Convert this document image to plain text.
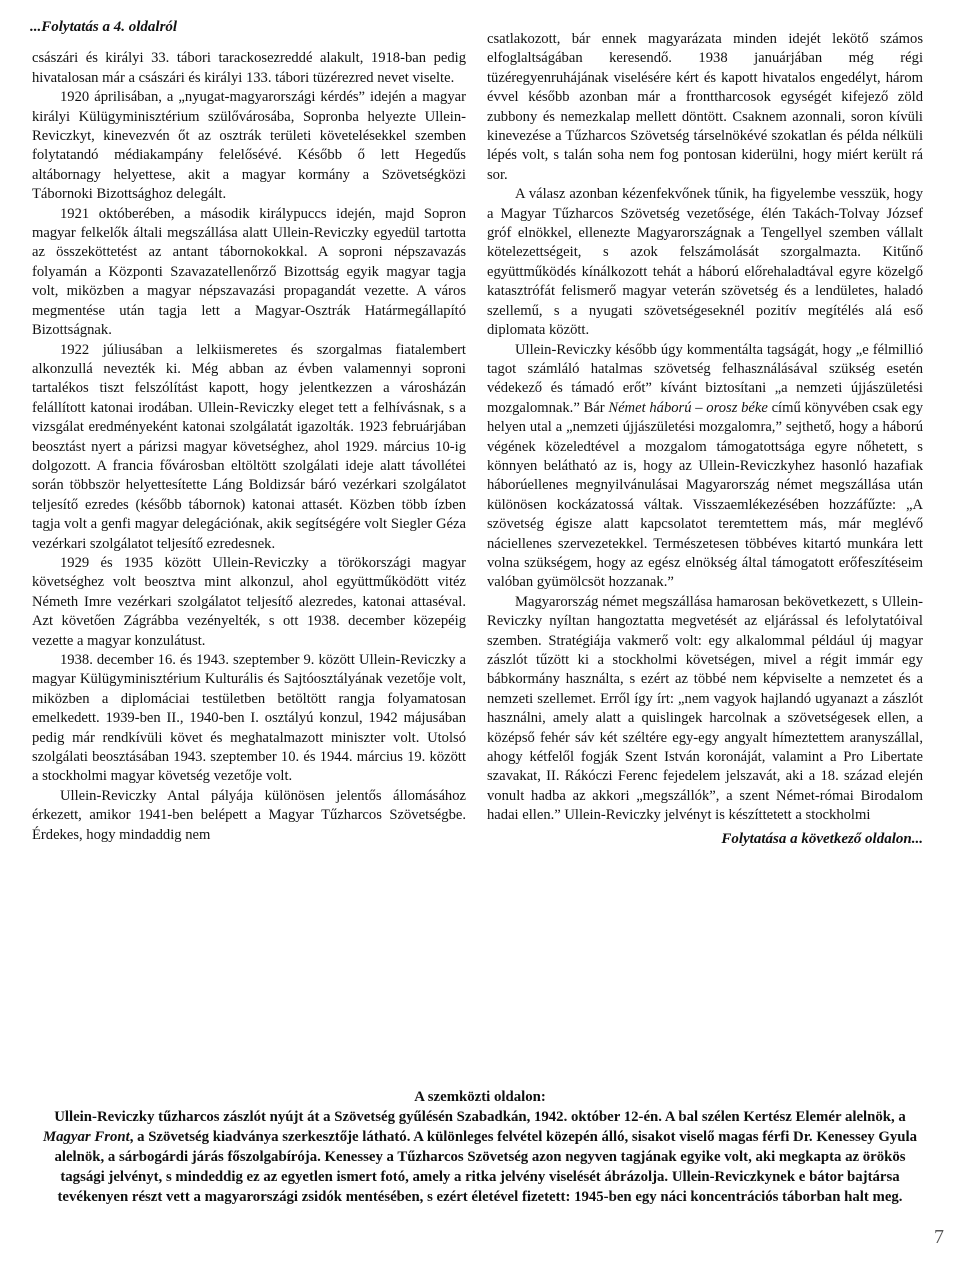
...Folytatás a 4. oldalról

császári és királyi 33. tábori tarackosezreddé alakult, 1918-ban pedig hivatalosan már a császári és királyi 133. tábori tüzérezred nevet viselte.

1920 áprilisában, a „nyugat-magyarországi kérdés” idején a magyar királyi Külügyminisztérium szülővárosába, Sopronba helyezte Ullein-Reviczkyt, kinevezvén őt az osztrák területi követelésekkel szemben folytatandó médiakampány felelősévé. Később ő lett Hegedűs altábornagy helyettese, akit a magyar kormány a Szövetségközi Tábornoki Bizottsághoz delegált.

1921 októberében, a második királypuccs idején, majd Sopron magyar felkelők általi megszállása alatt Ullein-Reviczky egyedül tartotta az összeköttetést az antant tábornokokkal. A soproni népszavazás folyamán a Központi Szavazatellenőrző Bizottság egyik magyar tagja volt, miközben a magyar népszavazási propagandát vezette. A város megmentése után tagja lett a Magyar-Osztrák Határmegállapító Bizottságnak.

1922 júliusában a lelkiismeretes és szorgalmas fiatalembert alkonzullá nevezték ki. Még abban az évben valamennyi soproni tartalékos tiszt felszólítást kapott, hogy jelentkezzen a városházán felállított katonai irodában. Ullein-Reviczky eleget tett a felhívásnak, s a vizsgálat eredményeként katonai szolgálatát igazolták. 1923 februárjában beosztást nyert a párizsi magyar követséghez, ahol 1929. március 10-ig dolgozott. A francia fővárosban eltöltött szolgálati ideje alatt távollétei során többször helyettesítette Láng Boldizsár báró vezérkari szolgálatot teljesítő ezredes (később tábornok) katonai attasét. Közben több ízben tagja volt a genfi magyar delegációnak, akik segítségére volt Siegler Géza vezérkari szolgálatot teljesítő ezredesnek.

1929 és 1935 között Ullein-Reviczky a törökországi magyar követséghez volt beosztva mint alkonzul, ahol együttműködött vitéz Németh Imre vezérkari szolgálatot teljesítő alezredes, katonai attaséval. Azt követően Zágrábba vezényelték, s ott 1938. december közepéig vezette a magyar konzulátust.

1938. december 16. és 1943. szeptember 9. között Ullein-Reviczky a magyar Külügyminisztérium Kulturális és Sajtóosztályának vezetője volt, miközben a diplomáciai testületben betöltött rangja folyamatosan emelkedett. 1939-ben II., 1940-ben I. osztályú konzul, 1942 májusában pedig már rendkívüli követ és meghatalmazott miniszter volt. Utolsó szolgálati beosztásában 1943. szeptember 10. és 1944. március 19. között a stockholmi magyar követség vezetője volt.

Ullein-Reviczky Antal pályája különösen jelentős állomásához érkezett, amikor 1941-ben belépett a Magyar Tűzharcos Szövetségbe. Érdekes, hogy mindaddig nem

csatlakozott, bár ennek magyarázata minden idejét lekötő számos elfoglaltságában keresendő. 1938 januárjában még régi tüzéregyenruhájának viselésére kért és kapott hivatalos engedélyt, három évvel később azonban már a fronttharcosok egységét kifejező zöld zubbony és nemezkalap mellett döntött. Csaknem azonnali, soron kívüli kinevezése a Tűzharcos Szövetség társelnökévé szokatlan és példa nélküli lépés volt, s talán soha nem fog pontosan kiderülni, hogy miért került rá sor.

A válasz azonban kézenfekvőnek tűnik, ha figyelembe vesszük, hogy a Magyar Tűzharcos Szövetség vezetősége, élén Takách-Tolvay József gróf elnökkel, ellenezte Magyarországnak a Tengellyel szemben vállalt kötelezettségeit, s azok felszámolását szorgalmazta. Kitűnő együttműködés kínálkozott tehát a háború előrehaladtával egyre közelgő katasztrófát felismerő magyar veterán szövetség és a lendületes, haladó szellemű, s a nyugati szövetségeseknél pozitív megítélés alá eső diplomata között.

Ullein-Reviczky később úgy kommentálta tagságát, hogy „e félmillió tagot számláló hatalmas szövetség felhasználásával szükség esetén védekező és támadó erőt” kívánt biztosítani „a nemzeti újjászületési mozgalomnak.” Bár Német háború – orosz béke című könyvében csak egy helyen utal a „nemzeti újjászületési mozgalomra,” sejthető, hogy a háború végének közeledtével a mozgalom támogatottsága egyre nőhetett, s könnyen beláthatό az is, hogy az Ullein-Reviczkyhez hasonló hazafiak háborúellenes megnyilvánulásai Magyarország német megszállása után különösen kockázatossá váltak. Visszaemlékezésében hozzáfűzte: „A szövetség égisze alatt kapcsolatot teremtettem más, már meglévő náciellenes szervezetekkel. Természetesen többéves kitartó munkára lett volna szükségem, hogy az egész elnökség által támogatott erőfeszítéseim valóban gyümölcsöt hozzanak.”

Magyarország német megszállása hamarosan bekövetkezett, s Ullein-Reviczky nyíltan hangoztatta megvetését az eljárással és lefolytatóival szemben. Stratégiája vakmerő volt: egy alkalommal például új magyar zászlót tűzött ki a stockholmi követségen, mivel a régit immár egy bábkormány használta, s ezért az többé nem képviselte a nemzetet és a nemzeti szellemet. Erről így írt: „nem vagyok hajlandó ugyanazt a zászlót használni, amely alatt a quislingek harcolnak a szövetségesek ellen, a középső fehér sáv két széltére egy-egy angyalt hímeztettem aranyszállal, ahogy kétfelől fogják Szent István koronáját, valamint a Pro Libertate szavakat, II. Rákóczi Ferenc fejedelem jelszavát, aki a 18. század elején vonult hadba az akkori „megszállók”, a szent Német-római Birodalom hadai ellen.” Ullein-Reviczky jelvényt is készíttetett a stockholmi

Folytatása a következő oldalon...
A szemközti oldalon:
Ullein-Reviczky tűzharcos zászlót nyújt át a Szövetség gyűlésén Szabadkán, 1942. október 12-én. A bal szélen Kertész Elemér alelnök, a Magyar Front, a Szövetség kiadványa szerkesztője látható. A különleges felvétel közepén álló, sisakot viselő magas férfi Dr. Kenessey Gyula alelnök, a sárbogárdi járás főszolgabírója. Kenessey a Tűzharcos Szövetség azon negyven tagjának egyike volt, aki megkapta az örökös tagsági jelvényt, s mindeddig ez az egyetlen ismert fotó, amely a ritka jelvény viselését ábrázolja. Ullein-Reviczkynek e bátor bajtársa tevékenyen részt vett a magyarországi zsidók mentésében, s ezért életével fizetett: 1945-ben egy náci koncentrációs táborban halt meg.
7
